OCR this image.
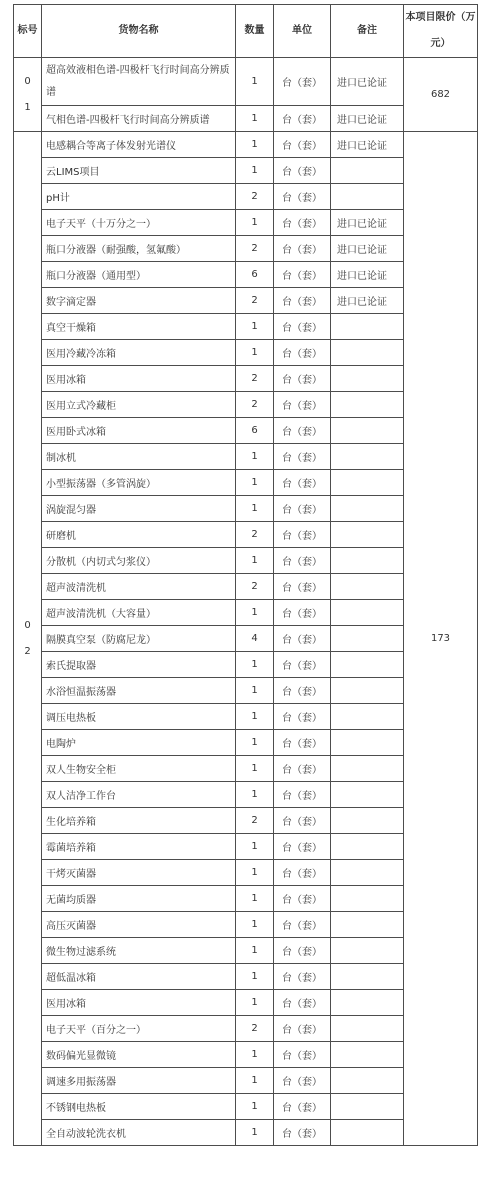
标号	货物名称	数量	单位	备注	本项目限价（万元）
01	超高效液相色谱-四极杆飞行时间高分辨质谱	1	台（套）	进口已论证	682
	气相色谱-四极杆飞行时间高分辨质谱	1	台（套）	进口已论证	
02	电感耦合等离子体发射光谱仪	1	台（套）	进口已论证	173
	云LIMS项目	1	台（套）		
	pH计	2	台（套）		
	电子天平（十万分之一）	1	台（套）	进口已论证	
	瓶口分液器（耐强酸，氢氟酸）	2	台（套）	进口已论证	
	瓶口分液器（通用型）	6	台（套）	进口已论证	
	数字滴定器	2	台（套）	进口已论证	
	真空干燥箱	1	台（套）		
	医用冷藏冷冻箱	1	台（套）		
	医用冰箱	2	台（套）		
	医用立式冷藏柜	2	台（套）		
	医用卧式冰箱	6	台（套）		
	制冰机	1	台（套）		
	小型振荡器（多管涡旋）	1	台（套）		
	涡旋混匀器	1	台（套）		
	研磨机	2	台（套）		
	分散机（内切式匀浆仪）	1	台（套）		
	超声波清洗机	2	台（套）		
	超声波清洗机（大容量）	1	台（套）		
	隔膜真空泵（防腐尼龙）	4	台（套）		
	索氏提取器	1	台（套）		
	水浴恒温振荡器	1	台（套）		
	调压电热板	1	台（套）		
	电陶炉	1	台（套）		
	双人生物安全柜	1	台（套）		
	双人洁净工作台	1	台（套）		
	生化培养箱	2	台（套）		
	霉菌培养箱	1	台（套）		
	干烤灭菌器	1	台（套）		
	无菌均质器	1	台（套）		
	高压灭菌器	1	台（套）		
	微生物过滤系统	1	台（套）		
	超低温冰箱	1	台（套）		
	医用冰箱	1	台（套）		
	电子天平（百分之一）	2	台（套）		
	数码偏光显微镜	1	台（套）		
	调速多用振荡器	1	台（套）		
	不锈钢电热板	1	台（套）		
	全自动波轮洗衣机	1	台（套）		
